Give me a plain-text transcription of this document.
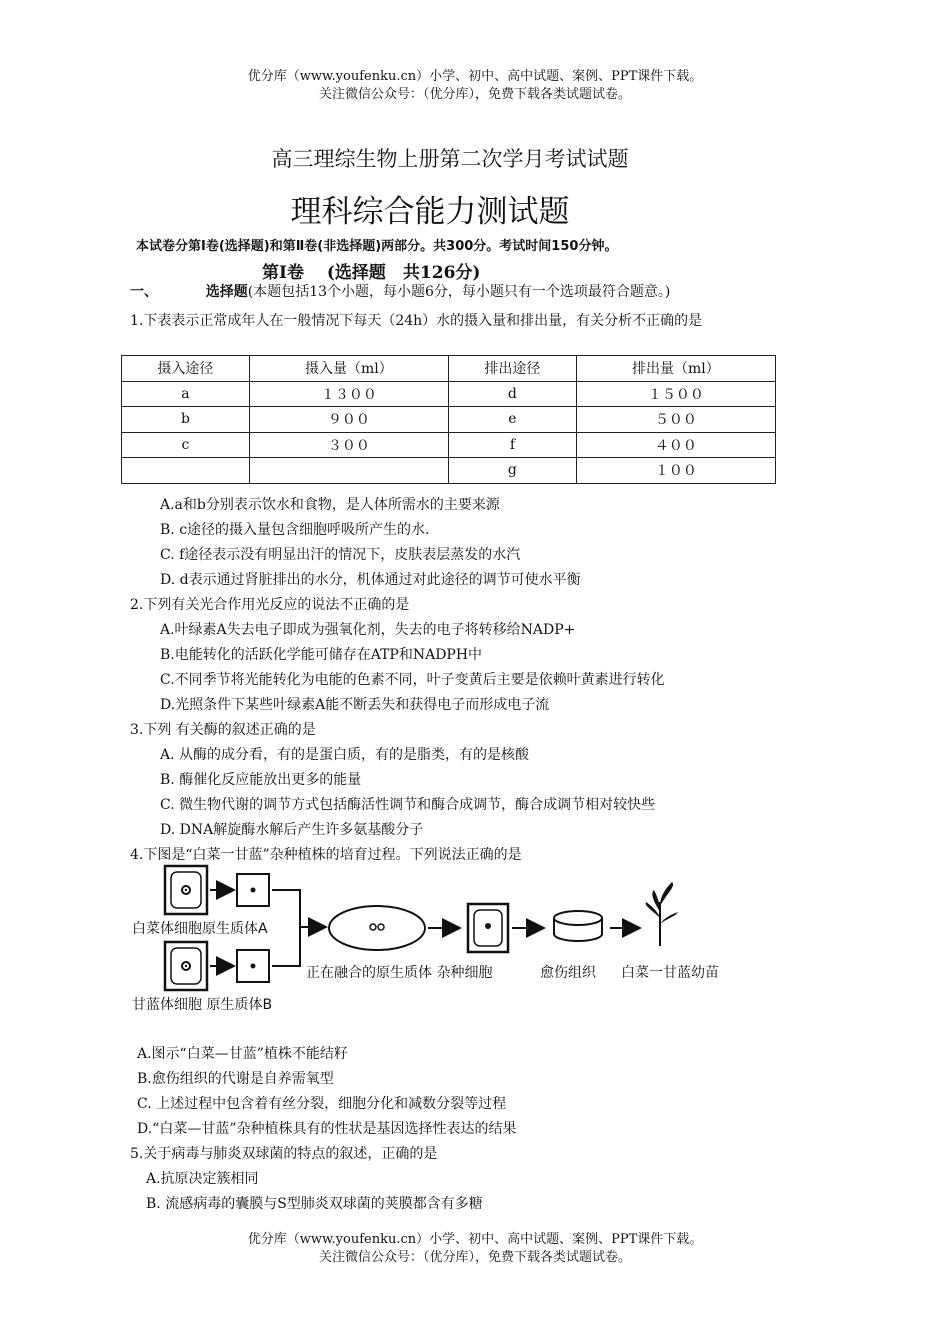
优分库（www.youfenku.cn）小学、初中、高中试题、案例、PPT课件下载。
关注微信公众号：（优分库），免费下载各类试题试卷。
高三理综生物上册第二次学月考试试题
理科综合能力测试题
本试卷分第Ⅰ卷(选择题)和第Ⅱ卷(非选择题)两部分。共300分。考试时间150分钟。
第Ⅰ卷　 (选择题　共126分)
一、	选择题(本题包括13个小题，每小题6分，每小题只有一个选项最符合题意。)
1.下表表示正常成年人在一般情况下每天（24h）水的摄入量和排出量，有关分析不正确的是
摄入途径	摄入量（ml）	排出途径	排出量（ml）
a	１３００	d	１５００
b	９００	e	５００
c	３００	f	４００
		g	１００
A.a和b分别表示饮水和食物，是人体所需水的主要来源
B. c途径的摄入量包含细胞呼吸所产生的水.
C. f途径表示没有明显出汗的情况下，皮肤表层蒸发的水汽
D. d表示通过肾脏排出的水分，机体通过对此途径的调节可使水平衡
2.下列有关光合作用光反应的说法不正确的是
A.叶绿素A失去电子即成为强氧化剂，失去的电子将转移给NADP+
B.电能转化的活跃化学能可储存在ATP和NADPH中
C.不同季节将光能转化为电能的色素不同，叶子变黄后主要是依赖叶黄素进行转化
D.光照条件下某些叶绿素A能不断丢失和获得电子而形成电子流
3.下列 有关酶的叙述正确的是
A. 从酶的成分看，有的是蛋白质，有的是脂类，有的是核酸
B. 酶催化反应能放出更多的能量
C. 微生物代谢的调节方式包括酶活性调节和酶合成调节，酶合成调节相对较快些
D. DNA解旋酶水解后产生许多氨基酸分子
4.下图是“白菜一甘蓝”杂种植株的培育过程。下列说法正确的是
白菜体细胞原生质体A
甘蓝体细胞 原生质体B
正在融合的原生质体 杂种细胞	愈伤组织 白菜一甘蓝幼苗
A.图示“白菜—甘蓝”植株不能结籽
B.愈伤组织的代谢是自养需氧型
C. 上述过程中包含着有丝分裂，细胞分化和减数分裂等过程
D.“白菜—甘蓝”杂种植株具有的性状是基因选择性表达的结果
5.关于病毒与肺炎双球菌的特点的叙述，正确的是
A.抗原决定簇相同
B. 流感病毒的囊膜与S型肺炎双球菌的荚膜都含有多糖
优分库（www.youfenku.cn）小学、初中、高中试题、案例、PPT课件下载。
关注微信公众号：（优分库），免费下载各类试题试卷。
